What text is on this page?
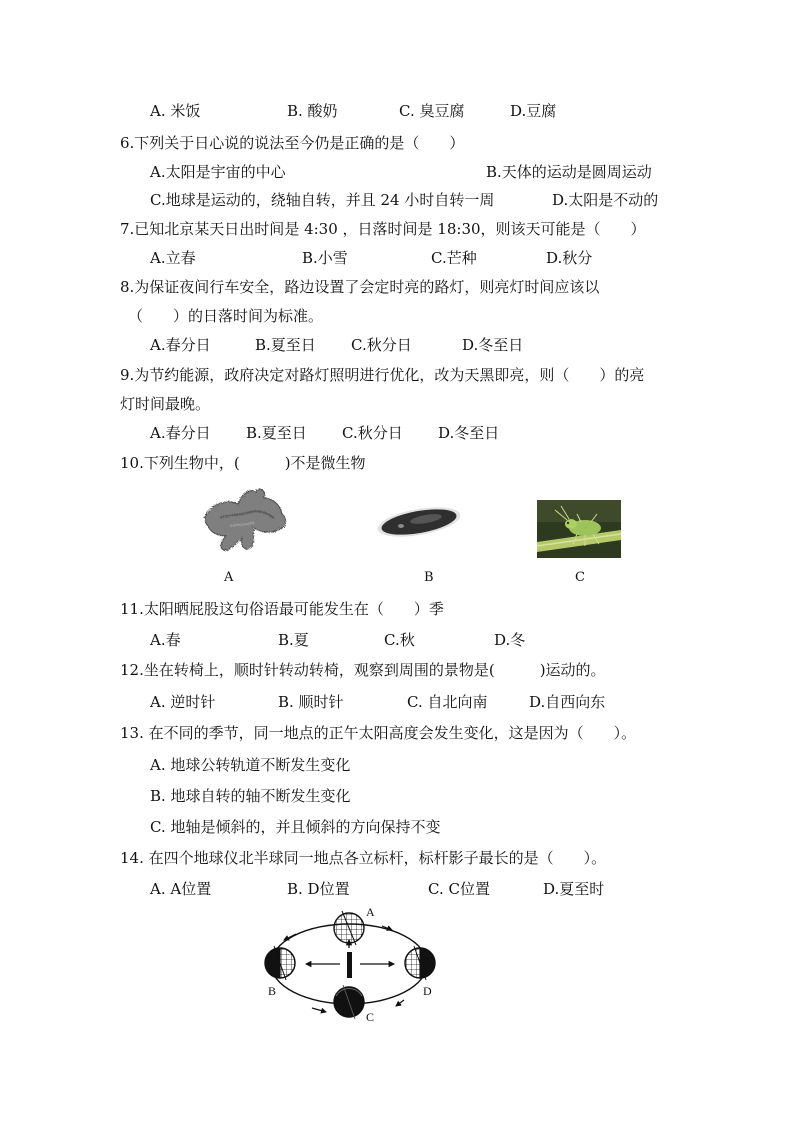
A. 米饭	B. 酸奶	C. 臭豆腐	D.豆腐
6.下列关于日心说的说法至今仍是正确的是（　　）
A.太阳是宇宙的中心	B.天体的运动是圆周运动
C.地球是运动的，绕轴自转，并且 24 小时自转一周	D.太阳是不动的
7.已知北京某天日出时间是 4:30 ，日落时间是 18:30，则该天可能是（　　）
A.立春	B.小雪	C.芒种	D.秋分
8.为保证夜间行车安全，路边设置了会定时亮的路灯，则亮灯时间应该以
（　　）的日落时间为标准。
A.春分日	B.夏至日 C.秋分日	D.冬至日
9.为节约能源，政府决定对路灯照明进行优化，改为天黑即亮，则（　　）的亮
灯时间最晚。
A.春分日 B.夏至日 C.秋分日 D.冬至日
10.下列生物中，(　　　)不是微生物
A	B	C
11.太阳晒屁股这句俗语最可能发生在（　　）季
A.春	B.夏	C.秋	D.冬
12.坐在转椅上，顺时针转动转椅，观察到周围的景物是(　　　)运动的。
A. 逆时针	B. 顺时针	C. 自北向南	D.自西向东
13. 在不同的季节，同一地点的正午太阳高度会发生变化，这是因为（　　）。
A. 地球公转轨道不断发生变化
B. 地球自转的轴不断发生变化
C. 地轴是倾斜的，并且倾斜的方向保持不变
14. 在四个地球仪北半球同一地点各立标杆，标杆影子最长的是（　　）。
A. A位置	B. D位置	C. C位置	D.夏至时
A
B
C
D
